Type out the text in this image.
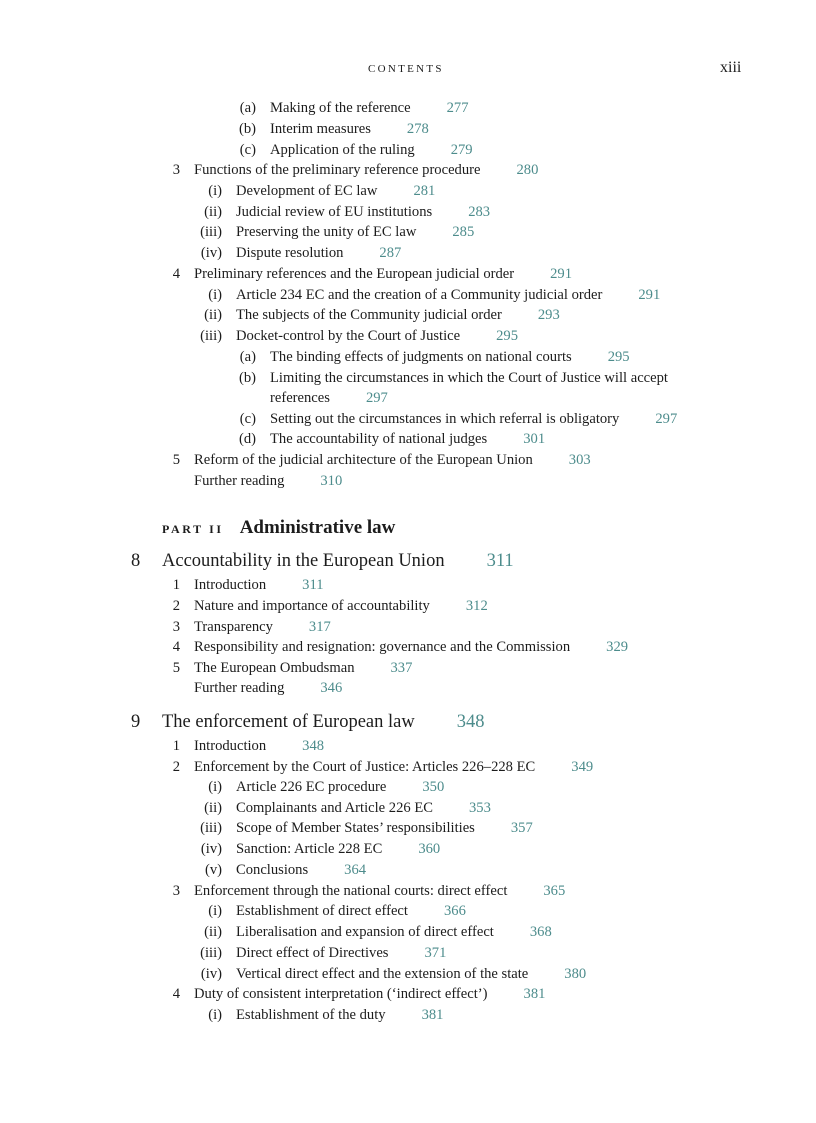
CONTENTS	xiii
(a) Making of the reference 277
(b) Interim measures 278
(c) Application of the ruling 279
3 Functions of the preliminary reference procedure 280
(i) Development of EC law 281
(ii) Judicial review of EU institutions 283
(iii) Preserving the unity of EC law 285
(iv) Dispute resolution 287
4 Preliminary references and the European judicial order 291
(i) Article 234 EC and the creation of a Community judicial order 291
(ii) The subjects of the Community judicial order 293
(iii) Docket-control by the Court of Justice 295
(a) The binding effects of judgments on national courts 295
(b) Limiting the circumstances in which the Court of Justice will accept
references 297
(c) Setting out the circumstances in which referral is obligatory 297
(d) The accountability of national judges 301
5 Reform of the judicial architecture of the European Union 303
Further reading 310
PART II Administrative law
8 Accountability in the European Union 311
1 Introduction 311
2 Nature and importance of accountability 312
3 Transparency 317
4 Responsibility and resignation: governance and the Commission 329
5 The European Ombudsman 337
Further reading 346
9 The enforcement of European law 348
1 Introduction 348
2 Enforcement by the Court of Justice: Articles 226–228 EC 349
(i) Article 226 EC procedure 350
(ii) Complainants and Article 226 EC 353
(iii) Scope of Member States’ responsibilities 357
(iv) Sanction: Article 228 EC 360
(v) Conclusions 364
3 Enforcement through the national courts: direct effect 365
(i) Establishment of direct effect 366
(ii) Liberalisation and expansion of direct effect 368
(iii) Direct effect of Directives 371
(iv) Vertical direct effect and the extension of the state 380
4 Duty of consistent interpretation (‘indirect effect’) 381
(i) Establishment of the duty 381
